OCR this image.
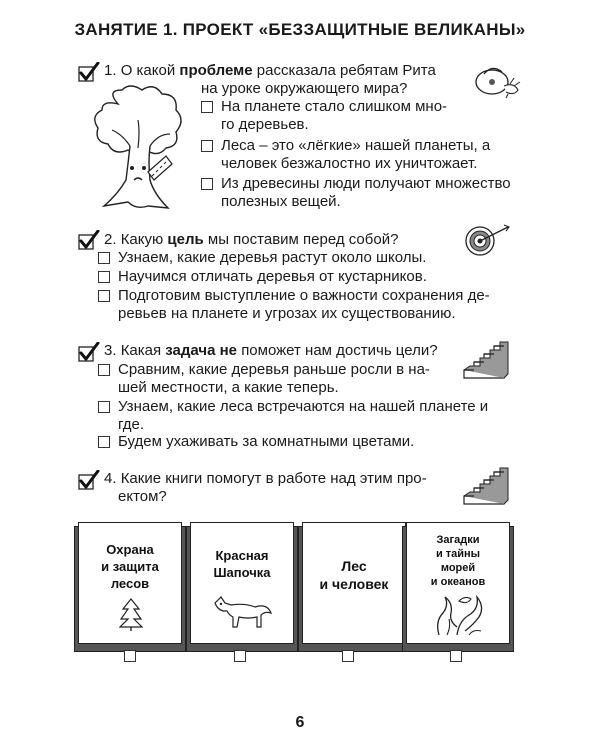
ЗАНЯТИЕ 1. ПРОЕКТ «БЕЗЗАЩИТНЫЕ ВЕЛИКАНЫ»
1. О какой проблеме рассказала ребятам Рита
на уроке окружающего мира?
На планете стало слишком мно-
го деревьев.
Леса – это «лёгкие» нашей планеты, а
человек безжалостно их уничтожает.
Из древесины люди получают множество
полезных вещей.
2. Какую цель мы поставим перед собой?
Узнаем, какие деревья растут около школы.
Научимся отличать деревья от кустарников.
Подготовим выступление о важности сохранения де-
ревьев на планете и угрозах их существованию.
3. Какая задача не поможет нам достичь цели?
Сравним, какие деревья раньше росли в на-
шей местности, а какие теперь.
Узнаем, какие леса встречаются на нашей планете и
где.
Будем ухаживать за комнатными цветами.
4. Какие книги помогут в работе над этим про-
ектом?
Охрана
и защита
лесов
Красная
Шапочка	Лес
и человек
Загадки
и тайны
морей
и океанов
6
